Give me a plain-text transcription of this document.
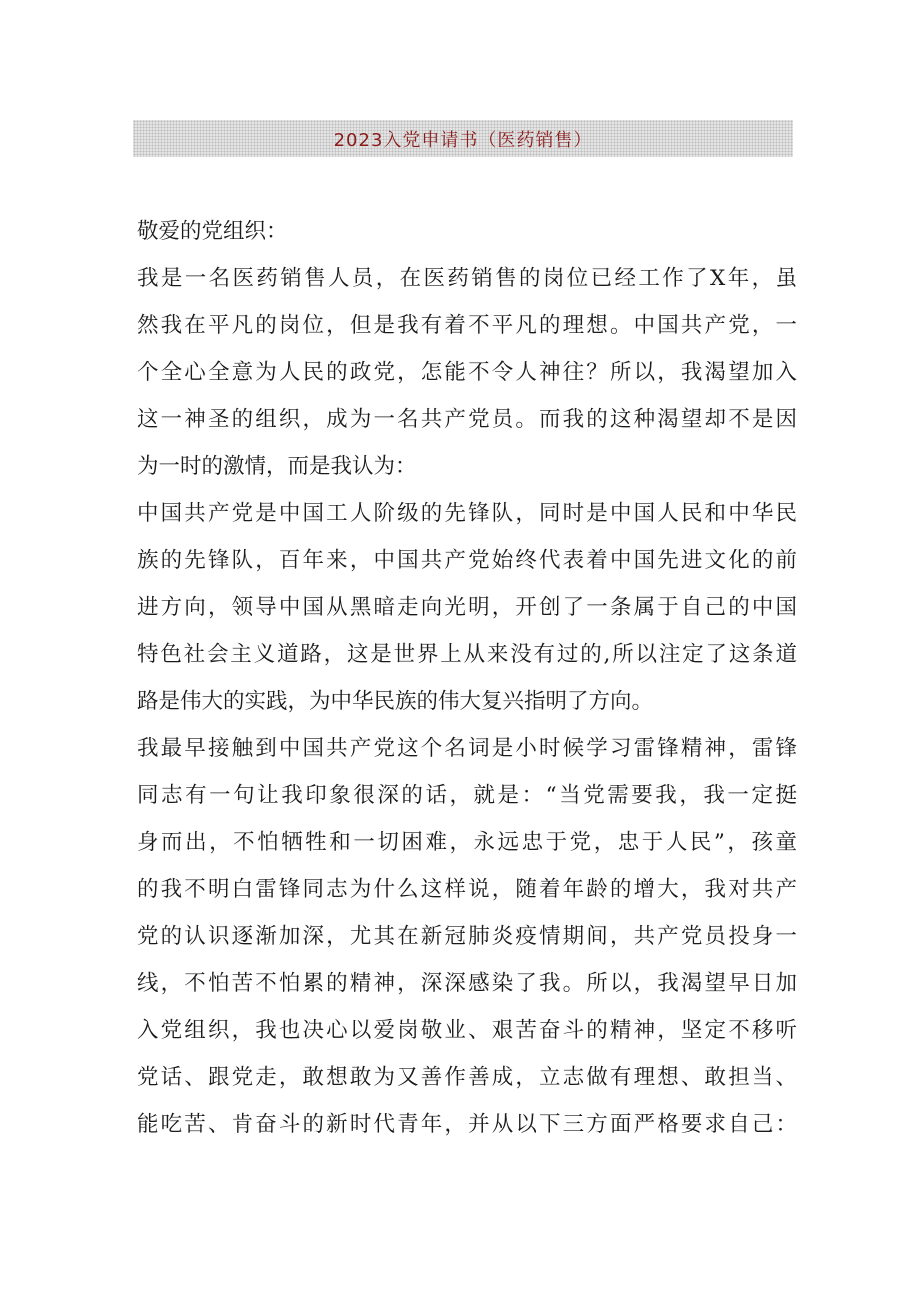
2023入党申请书（医药销售）
敬爱的党组织：
我是一名医药销售人员，在医药销售的岗位已经工作了X年，虽
然我在平凡的岗位，但是我有着不平凡的理想。中国共产党，一
个全心全意为人民的政党，怎能不令人神往？所以，我渴望加入
这一神圣的组织，成为一名共产党员。而我的这种渴望却不是因
为一时的激情，而是我认为：
中国共产党是中国工人阶级的先锋队，同时是中国人民和中华民
族的先锋队，百年来，中国共产党始终代表着中国先进文化的前
进方向，领导中国从黑暗走向光明，开创了一条属于自己的中国
特色社会主义道路，这是世界上从来没有过的,所以注定了这条道
路是伟大的实践，为中华民族的伟大复兴指明了方向。
我最早接触到中国共产党这个名词是小时候学习雷锋精神，雷锋
同志有一句让我印象很深的话，就是：“当党需要我，我一定挺
身而出，不怕牺牲和一切困难，永远忠于党，忠于人民”，孩童
的我不明白雷锋同志为什么这样说，随着年龄的增大，我对共产
党的认识逐渐加深，尤其在新冠肺炎疫情期间，共产党员投身一
线，不怕苦不怕累的精神，深深感染了我。所以，我渴望早日加
入党组织，我也决心以爱岗敬业、艰苦奋斗的精神，坚定不移听
党话、跟党走，敢想敢为又善作善成，立志做有理想、敢担当、
能吃苦、肯奋斗的新时代青年，并从以下三方面严格要求自己：
